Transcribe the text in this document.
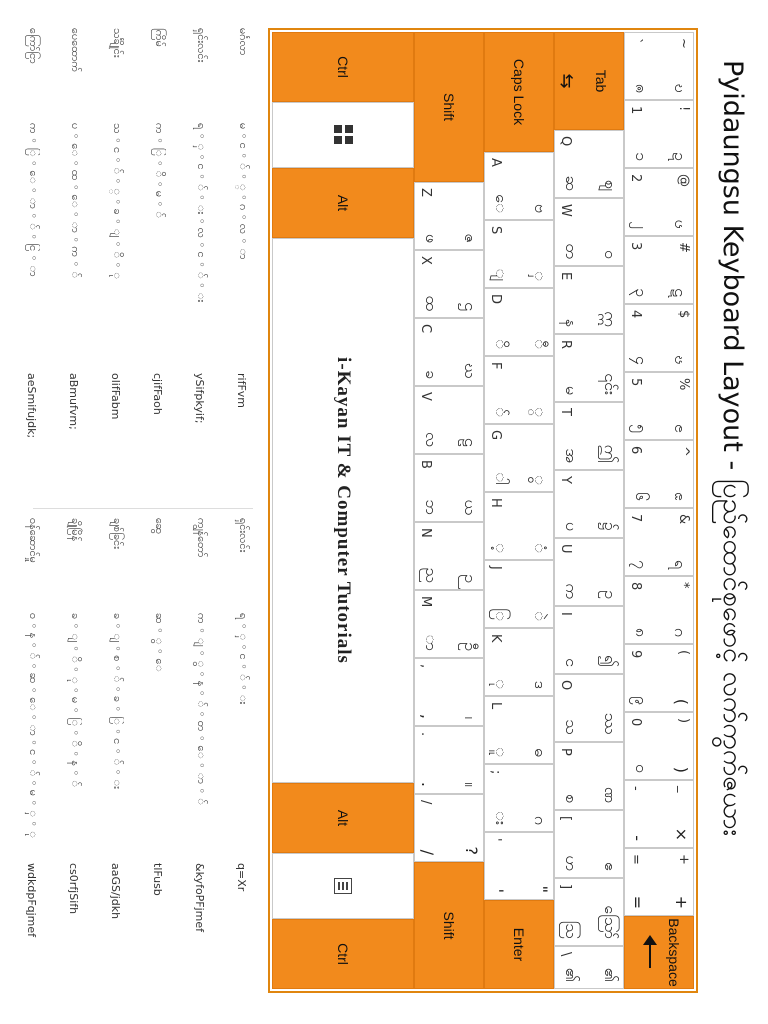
Pyidaungsu Keyboard Layout - ပြည်ထောင်စုဖောင့် လက်ကွက်ဇယား
~
`
ဎ
ၐ
!
1
ဍ
၁
@
2
ၒ
၂
#
3
ဋ
၃
$
4
ၓ
၄
%
5
ၔ
၅
^
6
ၕ
၆
&
7
ရ
၇
*
8
ဂ
၈
(
9
(
၉
)
0
)
၀
_
-
×
-
+
=
+
=
Backspace
Tab
⇆
Q
ဈ
ဆ
W
ဝ
တ
E
ဣ
န
R
၎င်း
မ
T
ဤ
အ
Y
၌
ပ
U
ဥ
က
I
၍
င
O
ဿ
သ
P
ဏ
စ
[
ဧ
ဟ
]
ဪ
ဩ
\
၏
၏
Caps Lock
A
ဗ
ေ
S
ှ
ျ
D
ီ
ိ
F
္
်
G
ွ
ါ
H
ံ
့
J
ဲ
ြ
K
ဒ
ု
L
ဓ
ူ
;
ဂ
း
'
"
'
Enter
Shift
Z
ဇ
ဖ
X
ဌ
ထ
C
ဃ
ခ
V
ဠ
လ
B
ယ
ဘ
N
ဉ
ည
M
ဦ
ာ
,
၊
,
.
။
.
/
?
/
Shift
Ctrl
Alt
i-Kayan IT & Computer Tutorials
Alt
Ctrl
မင်္ဂလာ
မ ◦ င ◦ ် ◦ ္ ◦ ဂ ◦ လ ◦ ာ
rifFvm
ရှင်းလင်း
ရ ◦ ှ ◦ င ◦ ် ◦ း ◦ လ ◦ င ◦ ် ◦ း
ySifpkyif;
ကြိမ်
က ◦ ြ ◦ ိ ◦ မ ◦ ်
cjifFaoh
သင်္ချိုင်း
သ ◦ င ◦ ် ◦ ္ ◦ ခ ◦ ျ ◦ ိ ◦ ု
olifFabm
ပေထောက်
ပ ◦ ေ ◦ ထ ◦ ေ ◦ ာ ◦ က ◦ ်
aBmufvm;
ကြော်ငြာ
က ◦ ြ ◦ ေ ◦ ာ ◦ ် ◦ ငြ ◦ ာ
aeSmifujdk;
ရှင်းလင်း
ရ ◦ ှ ◦ င ◦ ် ◦ း
q=Xr
ကျွန်တော်
က ◦ ျ ◦ ွ ◦ န ◦ ် ◦ တ ◦ ေ ◦ ာ ◦ ်
&kyfoPFjmef
ဆွေ
ဆ ◦ ွ ◦ ေ
tlFusb
ချစ်ခြင်း
ခ ◦ ျ ◦ စ ◦ ် ◦ ခ ◦ ြ ◦ င ◦ ် ◦ း
aaGS/jdkh
ချိုမြိန်
ခ ◦ ျ ◦ ိ ◦ ု ◦ မ ◦ ြ ◦ ိ ◦ န ◦ ်
cs0rfjSifh
ဝန်ဆောင်မှု
ဝ ◦ န ◦ ် ◦ ဆ ◦ ေ ◦ ာ ◦ င ◦ ် ◦ မ ◦ ှ ◦ ု
wdkdpFqjmef
